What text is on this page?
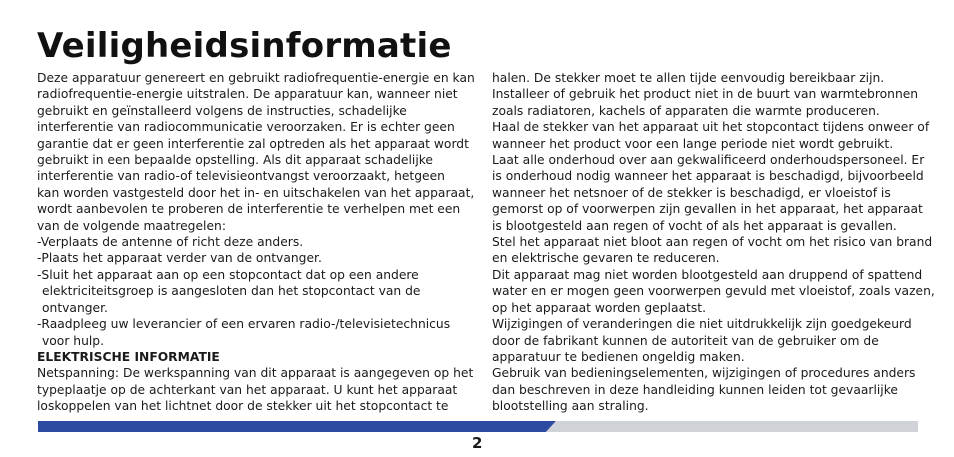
Veiligheidsinformatie
Deze apparatuur genereert en gebruikt radiofrequentie-energie en kan
radiofrequentie-energie uitstralen. De apparatuur kan, wanneer niet
gebruikt en geïnstalleerd volgens de instructies, schadelijke
interferentie van radiocommunicatie veroorzaken. Er is echter geen
garantie dat er geen interferentie zal optreden als het apparaat wordt
gebruikt in een bepaalde opstelling. Als dit apparaat schadelijke
interferentie van radio-of televisieontvangst veroorzaakt, hetgeen
kan worden vastgesteld door het in- en uitschakelen van het apparaat,
wordt aanbevolen te proberen de interferentie te verhelpen met een
van de volgende maatregelen:
-Verplaats de antenne of richt deze anders.
-Plaats het apparaat verder van de ontvanger.
-Sluit het apparaat aan op een stopcontact dat op een andere
elektriciteitsgroep is aangesloten dan het stopcontact van de
ontvanger.
-Raadpleeg uw leverancier of een ervaren radio-/televisietechnicus
voor hulp.
ELEKTRISCHE INFORMATIE
Netspanning: De werkspanning van dit apparaat is aangegeven op het
typeplaatje op de achterkant van het apparaat. U kunt het apparaat
loskoppelen van het lichtnet door de stekker uit het stopcontact te
halen. De stekker moet te allen tijde eenvoudig bereikbaar zijn.
Installeer of gebruik het product niet in de buurt van warmtebronnen
zoals radiatoren, kachels of apparaten die warmte produceren.
Haal de stekker van het apparaat uit het stopcontact tijdens onweer of
wanneer het product voor een lange periode niet wordt gebruikt.
Laat alle onderhoud over aan gekwalificeerd onderhoudspersoneel. Er
is onderhoud nodig wanneer het apparaat is beschadigd, bijvoorbeeld
wanneer het netsnoer of de stekker is beschadigd, er vloeistof is
gemorst op of voorwerpen zijn gevallen in het apparaat, het apparaat
is blootgesteld aan regen of vocht of als het apparaat is gevallen.
Stel het apparaat niet bloot aan regen of vocht om het risico van brand
en elektrische gevaren te reduceren.
Dit apparaat mag niet worden blootgesteld aan druppend of spattend
water en er mogen geen voorwerpen gevuld met vloeistof, zoals vazen,
op het apparaat worden geplaatst.
Wijzigingen of veranderingen die niet uitdrukkelijk zijn goedgekeurd
door de fabrikant kunnen de autoriteit van de gebruiker om de
apparatuur te bedienen ongeldig maken.
Gebruik van bedieningselementen, wijzigingen of procedures anders
dan beschreven in deze handleiding kunnen leiden tot gevaarlijke
blootstelling aan straling.
2
